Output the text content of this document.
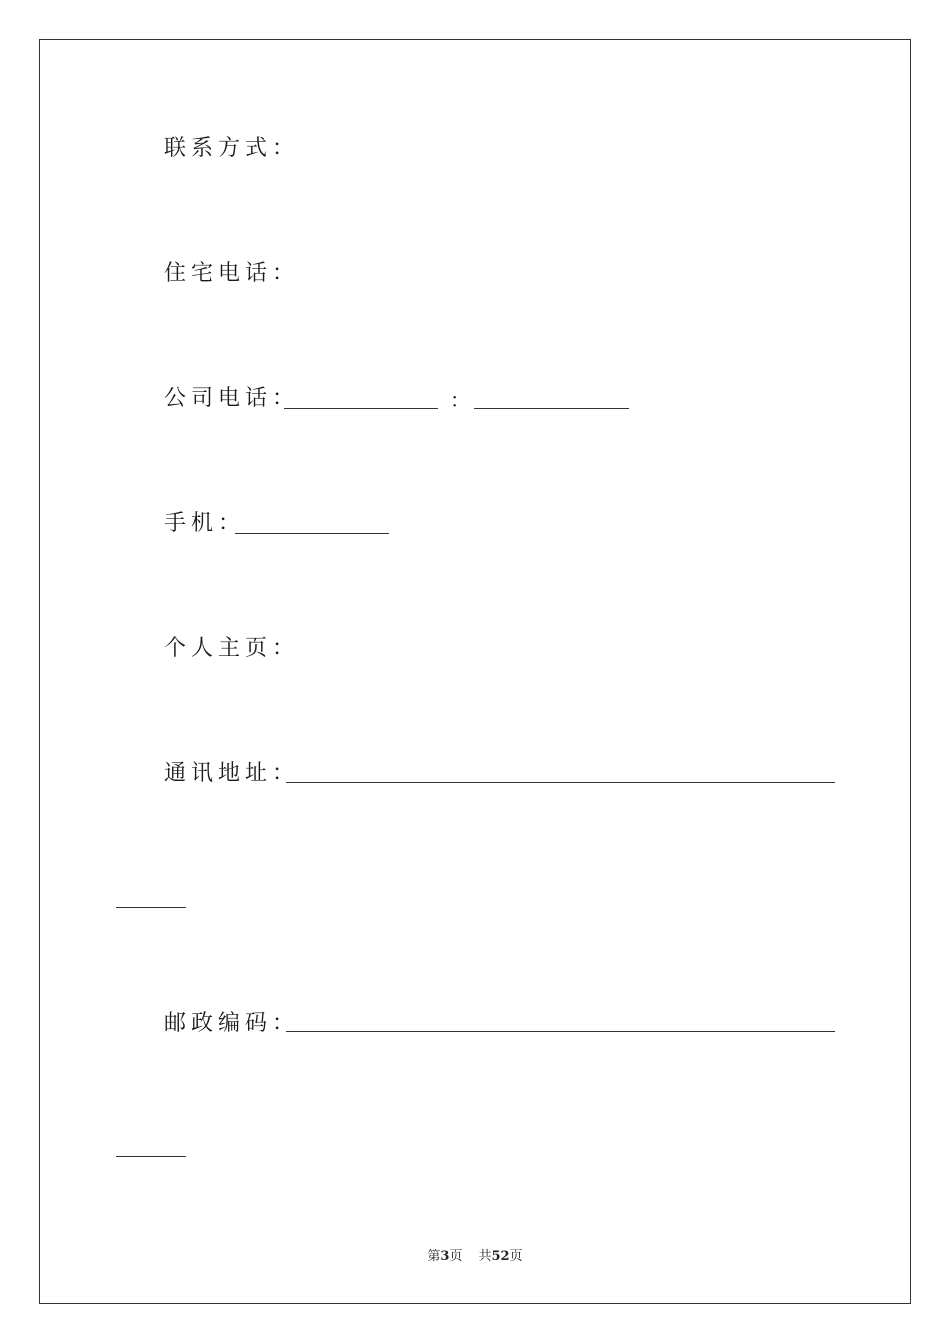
联系方式：
住宅电话：
公司电话：	：
手机：
个人主页：
通讯地址：
邮政编码：
第3页 共52页
